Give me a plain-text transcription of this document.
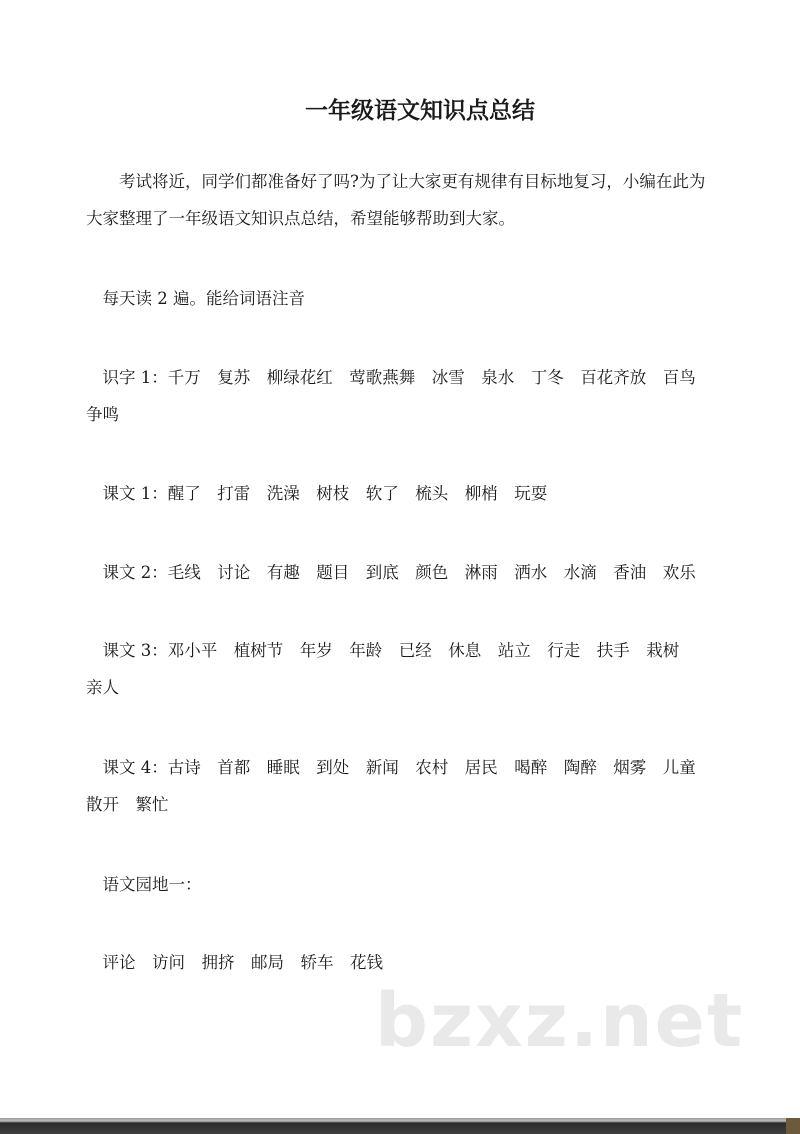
一年级语文知识点总结

　　考试将近，同学们都准备好了吗?为了让大家更有规律有目标地复习，小编在此为大家整理了一年级语文知识点总结，希望能够帮助到大家。

　每天读 2 遍。能给词语注音

　识字 1：千万　复苏　柳绿花红　莺歌燕舞　冰雪　泉水　丁冬　百花齐放　百鸟争鸣

　课文 1：醒了　打雷　洗澡　树枝　软了　梳头　柳梢　玩耍

　课文 2：毛线　讨论　有趣　题目　到底　颜色　淋雨　洒水　水滴　香油　欢乐

　课文 3：邓小平　植树节　年岁　年龄　已经　休息　站立　行走　扶手　栽树　亲人

　课文 4：古诗　首都　睡眠　到处　新闻　农村　居民　喝醉　陶醉　烟雾　儿童　散开　繁忙

　语文园地一：

　评论　访问　拥挤　邮局　轿车　花钱

bzxz.net
